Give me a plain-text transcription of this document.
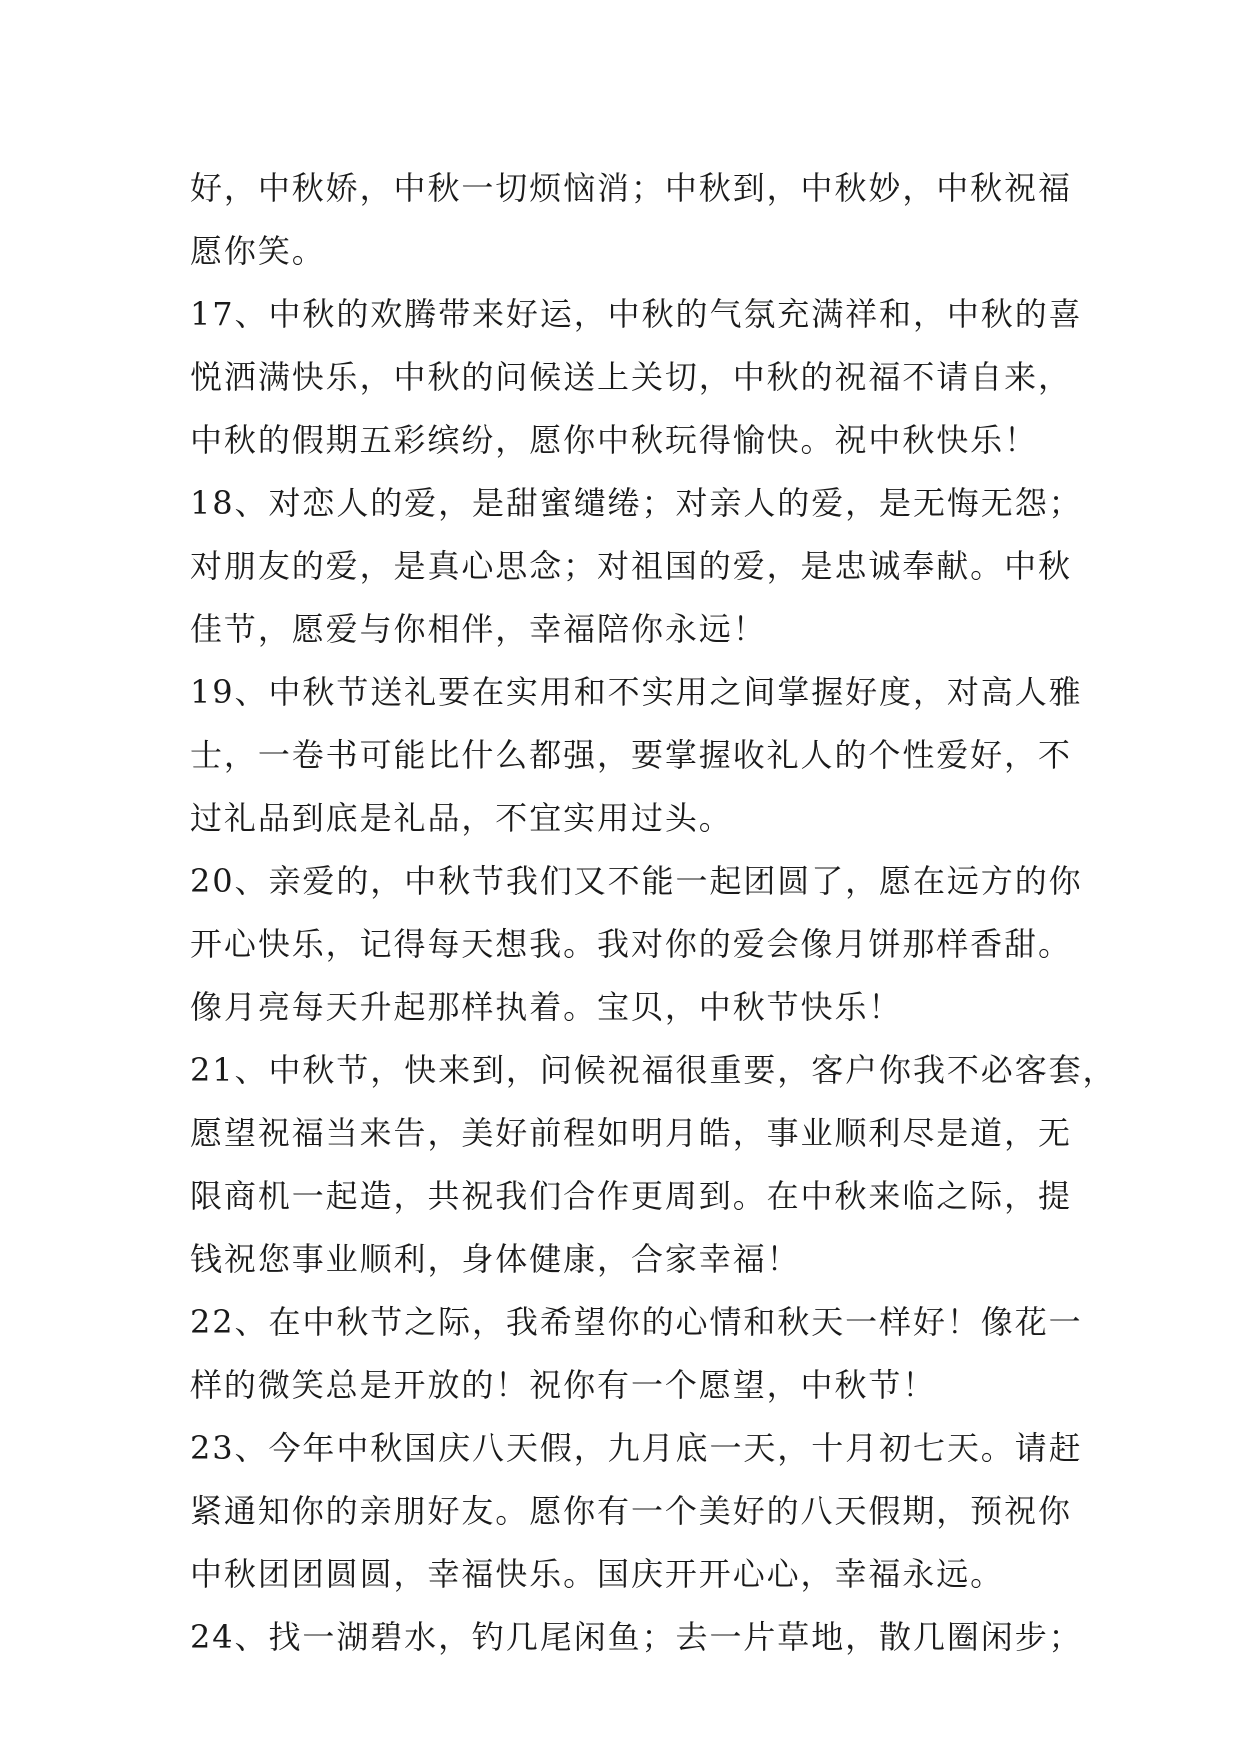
好，中秋娇，中秋一切烦恼消；中秋到，中秋妙，中秋祝福
愿你笑。
17、中秋的欢腾带来好运，中秋的气氛充满祥和，中秋的喜
悦洒满快乐，中秋的问候送上关切，中秋的祝福不请自来，
中秋的假期五彩缤纷，愿你中秋玩得愉快。祝中秋快乐！
18、对恋人的爱，是甜蜜缱绻；对亲人的爱，是无悔无怨；
对朋友的爱，是真心思念；对祖国的爱，是忠诚奉献。中秋
佳节，愿爱与你相伴，幸福陪你永远！
19、中秋节送礼要在实用和不实用之间掌握好度，对高人雅
士，一卷书可能比什么都强，要掌握收礼人的个性爱好，不
过礼品到底是礼品，不宜实用过头。
20、亲爱的，中秋节我们又不能一起团圆了，愿在远方的你
开心快乐，记得每天想我。我对你的爱会像月饼那样香甜。
像月亮每天升起那样执着。宝贝，中秋节快乐！
21、中秋节，快来到，问候祝福很重要，客户你我不必客套，
愿望祝福当来告，美好前程如明月皓，事业顺利尽是道，无
限商机一起造，共祝我们合作更周到。在中秋来临之际，提
钱祝您事业顺利，身体健康，合家幸福！
22、在中秋节之际，我希望你的心情和秋天一样好！像花一
样的微笑总是开放的！祝你有一个愿望，中秋节！
23、今年中秋国庆八天假，九月底一天，十月初七天。请赶
紧通知你的亲朋好友。愿你有一个美好的八天假期，预祝你
中秋团团圆圆，幸福快乐。国庆开开心心，幸福永远。
24、找一湖碧水，钓几尾闲鱼；去一片草地，散几圈闲步；
